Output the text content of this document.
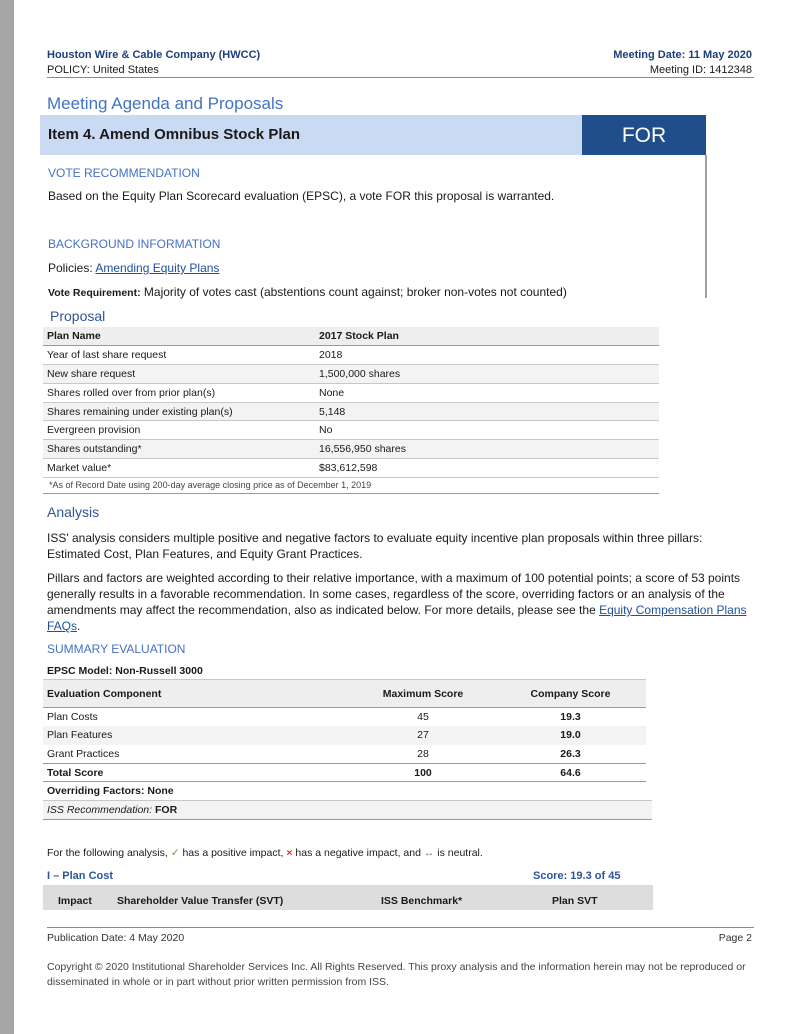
Houston Wire & Cable Company (HWCC)
POLICY: United States
Meeting Date: 11 May 2020
Meeting ID: 1412348
Meeting Agenda and Proposals
Item 4. Amend Omnibus Stock Plan	FOR
VOTE RECOMMENDATION
Based on the Equity Plan Scorecard evaluation (EPSC), a vote FOR this proposal is warranted.
BACKGROUND INFORMATION
Policies: Amending Equity Plans
Vote Requirement: Majority of votes cast (abstentions count against; broker non-votes not counted)
Proposal
Plan Name	2017 Stock Plan
Year of last share request	2018
New share request	1,500,000 shares
Shares rolled over from prior plan(s)	None
Shares remaining under existing plan(s)	5,148
Evergreen provision	No
Shares outstanding*	16,556,950 shares
Market value*	$83,612,598
*As of Record Date using 200-day average closing price as of December 1, 2019
Analysis
ISS' analysis considers multiple positive and negative factors to evaluate equity incentive plan proposals within three pillars: Estimated Cost, Plan Features, and Equity Grant Practices.
Pillars and factors are weighted according to their relative importance, with a maximum of 100 potential points; a score of 53 points generally results in a favorable recommendation. In some cases, regardless of the score, overriding factors or an analysis of the amendments may affect the recommendation, also as indicated below. For more details, please see the Equity Compensation Plans FAQs.
SUMMARY EVALUATION
EPSC Model: Non-Russell 3000
Evaluation Component	Maximum Score	Company Score
Plan Costs	45	19.3
Plan Features	27	19.0
Grant Practices	28	26.3
Total Score	100	64.6
Overriding Factors: None
ISS Recommendation: FOR
For the following analysis, ✓ has a positive impact, × has a negative impact, and ↔ is neutral.
I – Plan Cost	Score: 19.3 of 45
Impact Shareholder Value Transfer (SVT)	ISS Benchmark*	Plan SVT
Publication Date: 4 May 2020	Page 2
Copyright © 2020 Institutional Shareholder Services Inc. All Rights Reserved. This proxy analysis and the information herein may not be reproduced or disseminated in whole or in part without prior written permission from ISS.
